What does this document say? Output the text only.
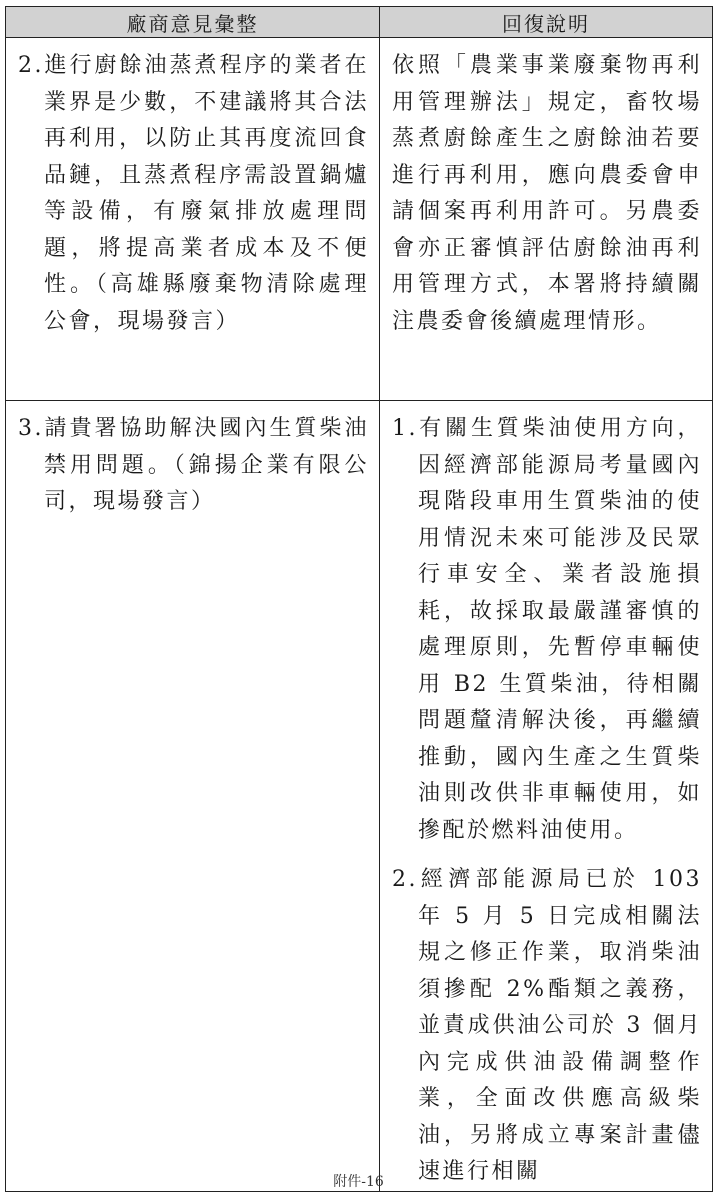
廠商意見彙整	回復說明

2.進行廚餘油蒸煮程序的業者在業界是少數，不建議將其合法再利用，以防止其再度流回食品鏈，且蒸煮程序需設置鍋爐等設備，有廢氣排放處理問題，將提高業者成本及不便性。（高雄縣廢棄物清除處理公會，現場發言）	依照「農業事業廢棄物再利用管理辦法」規定，畜牧場蒸煮廚餘產生之廚餘油若要進行再利用，應向農委會申請個案再利用許可。另農委會亦正審慎評估廚餘油再利用管理方式，本署將持續關注農委會後續處理情形。

3.請貴署協助解決國內生質柴油禁用問題。（錦揚企業有限公司，現場發言）	1.有關生質柴油使用方向，因經濟部能源局考量國內現階段車用生質柴油的使用情況未來可能涉及民眾行車安全、業者設施損耗，故採取最嚴謹審慎的處理原則，先暫停車輛使用 B2 生質柴油，待相關問題釐清解決後，再繼續推動，國內生產之生質柴油則改供非車輛使用，如摻配於燃料油使用。

2.經濟部能源局已於 103 年 5 月 5 日完成相關法規之修正作業，取消柴油須摻配 2%酯類之義務，並責成供油公司於 3 個月內完成供油設備調整作業，全面改供應高級柴油，另將成立專案計畫儘速進行相關

附件-16
